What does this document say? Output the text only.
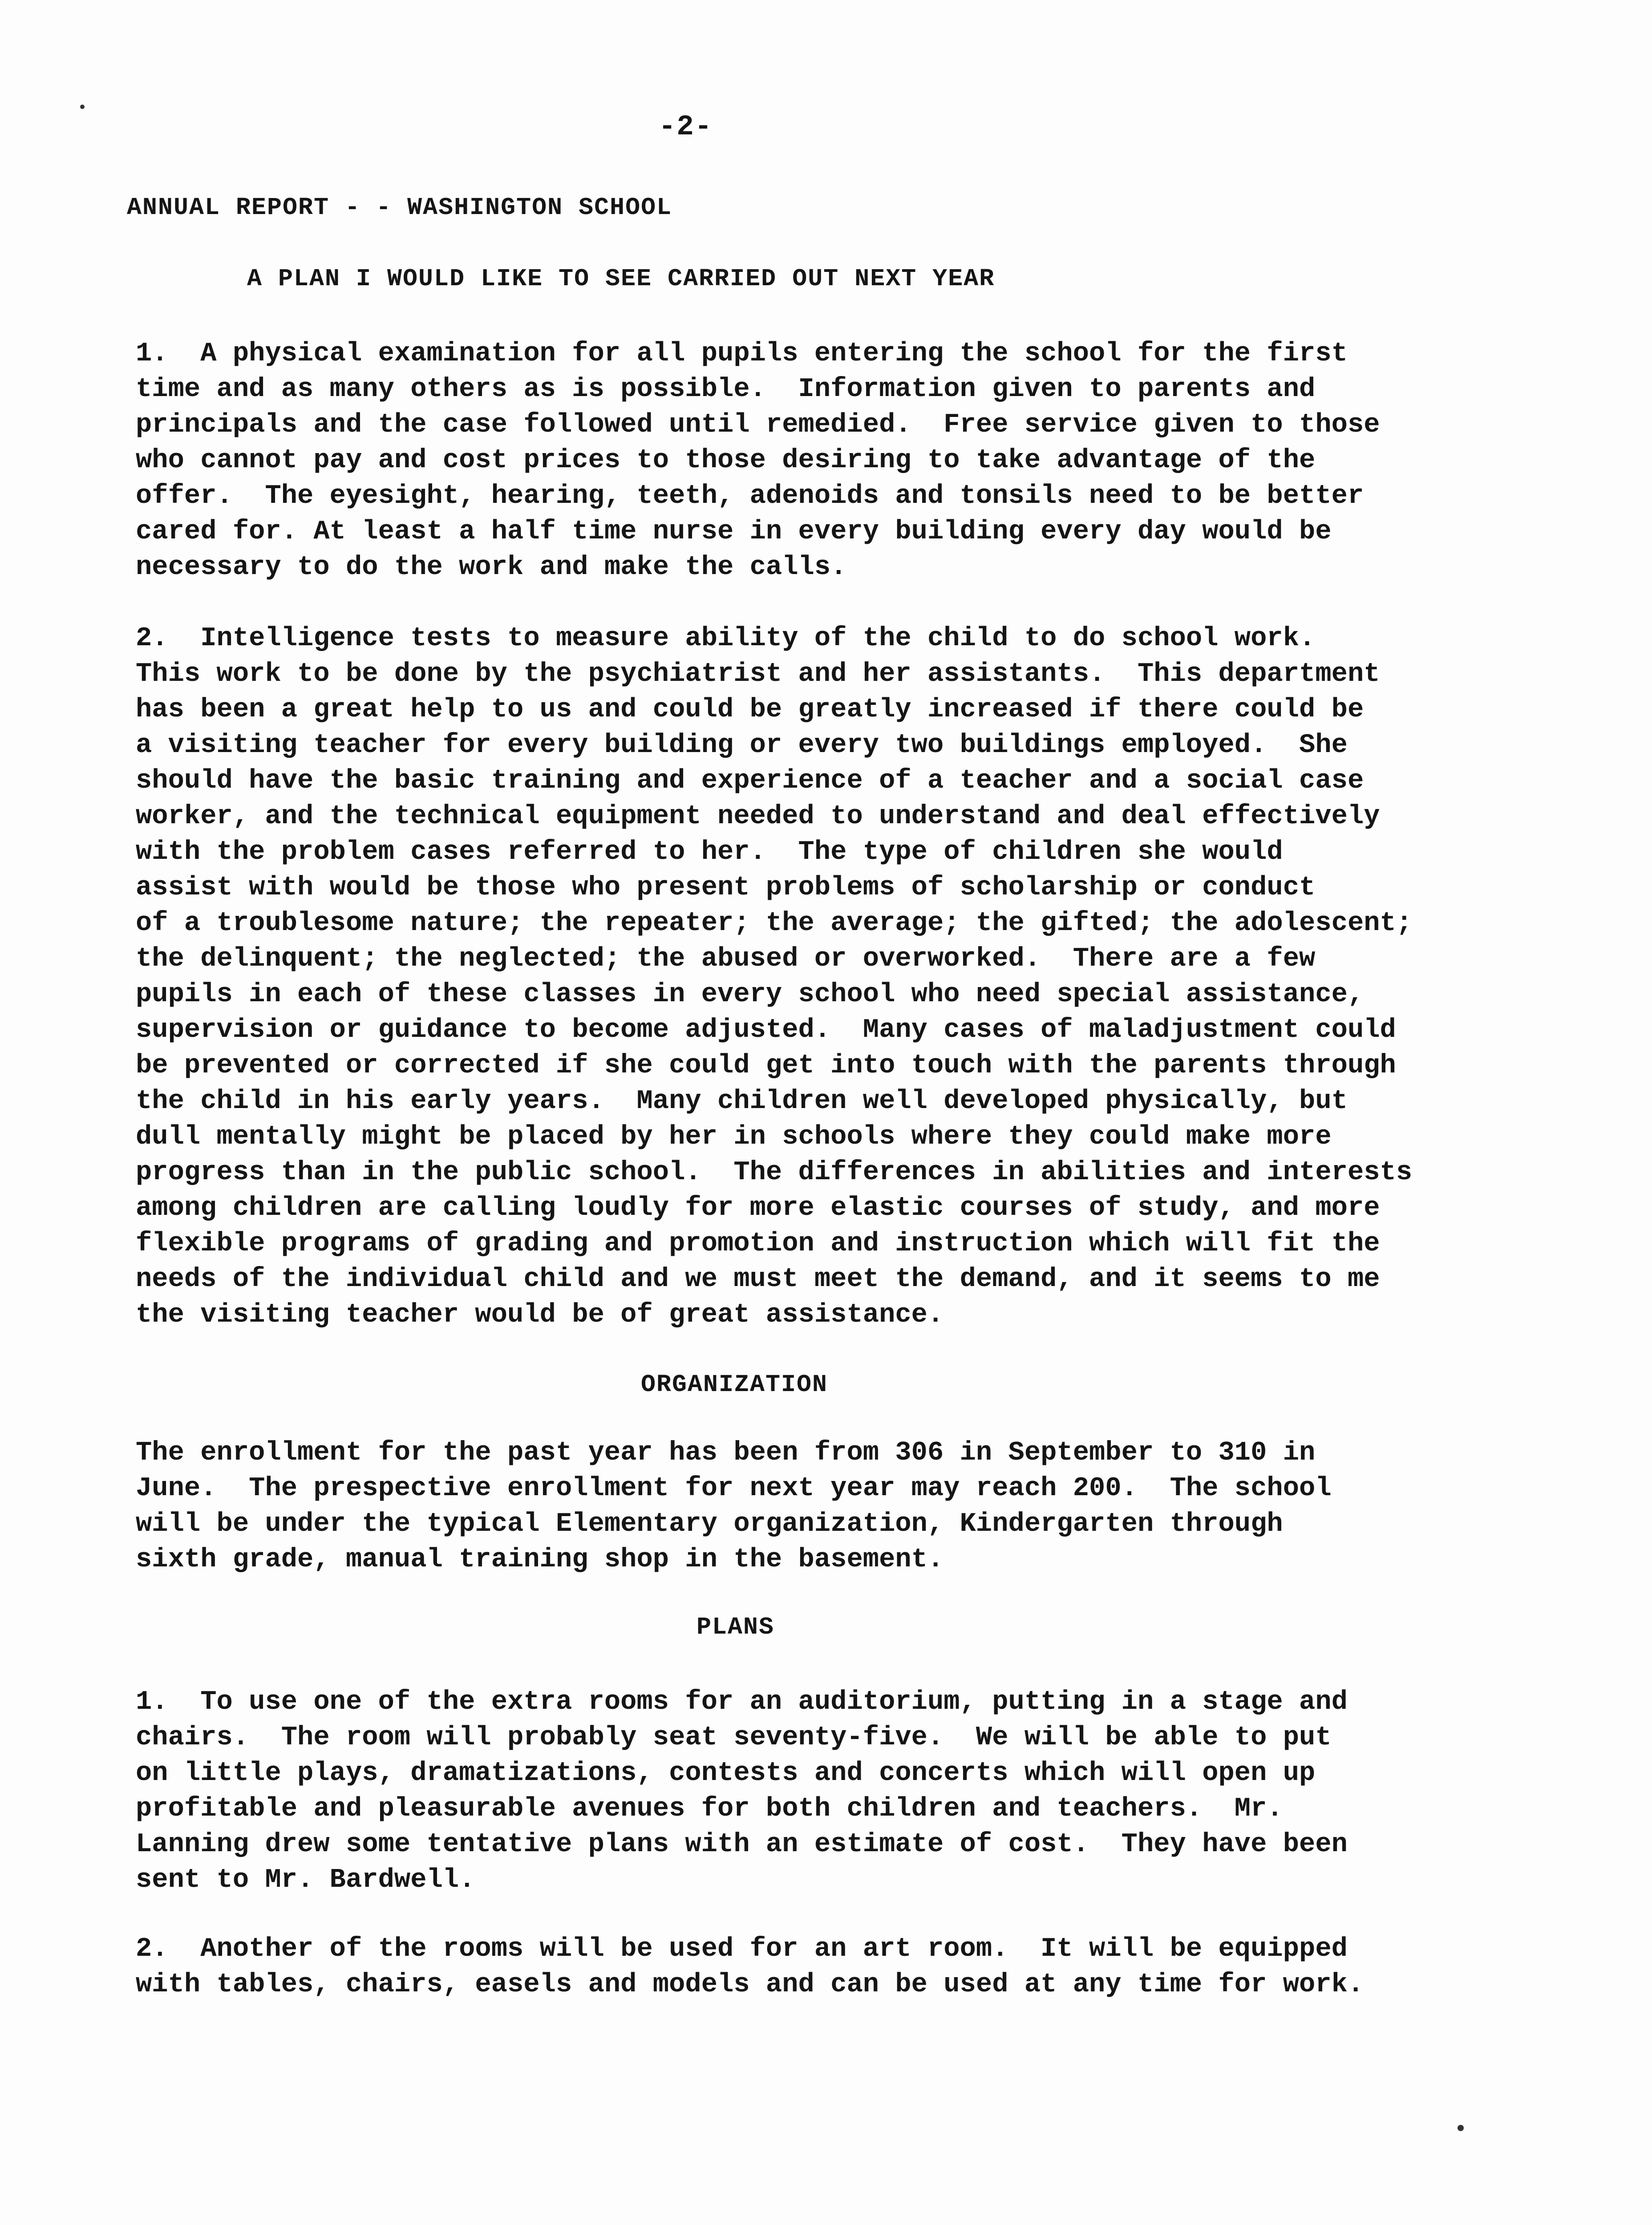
-2-
ANNUAL REPORT - - WASHINGTON SCHOOL
A PLAN I WOULD LIKE TO SEE CARRIED OUT NEXT YEAR

1.  A physical examination for all pupils entering the school for the first
time and as many others as is possible.  Information given to parents and
principals and the case followed until remedied.  Free service given to those
who cannot pay and cost prices to those desiring to take advantage of the
offer.  The eyesight, hearing, teeth, adenoids and tonsils need to be better
cared for. At least a half time nurse in every building every day would be
necessary to do the work and make the calls.

2.  Intelligence tests to measure ability of the child to do school work.
This work to be done by the psychiatrist and her assistants.  This department
has been a great help to us and could be greatly increased if there could be
a visiting teacher for every building or every two buildings employed.  She
should have the basic training and experience of a teacher and a social case
worker, and the technical equipment needed to understand and deal effectively
with the problem cases referred to her.  The type of children she would
assist with would be those who present problems of scholarship or conduct
of a troublesome nature; the repeater; the average; the gifted; the adolescent;
the delinquent; the neglected; the abused or overworked.  There are a few
pupils in each of these classes in every school who need special assistance,
supervision or guidance to become adjusted.  Many cases of maladjustment could
be prevented or corrected if she could get into touch with the parents through
the child in his early years.  Many children well developed physically, but
dull mentally might be placed by her in schools where they could make more
progress than in the public school.  The differences in abilities and interests
among children are calling loudly for more elastic courses of study, and more
flexible programs of grading and promotion and instruction which will fit the
needs of the individual child and we must meet the demand, and it seems to me
the visiting teacher would be of great assistance.

ORGANIZATION

The enrollment for the past year has been from 306 in September to 310 in
June.  The prespective enrollment for next year may reach 200.  The school
will be under the typical Elementary organization, Kindergarten through
sixth grade, manual training shop in the basement.

PLANS

1.  To use one of the extra rooms for an auditorium, putting in a stage and
chairs.  The room will probably seat seventy-five.  We will be able to put
on little plays, dramatizations, contests and concerts which will open up
profitable and pleasurable avenues for both children and teachers.  Mr.
Lanning drew some tentative plans with an estimate of cost.  They have been
sent to Mr. Bardwell.

2.  Another of the rooms will be used for an art room.  It will be equipped
with tables, chairs, easels and models and can be used at any time for work.
